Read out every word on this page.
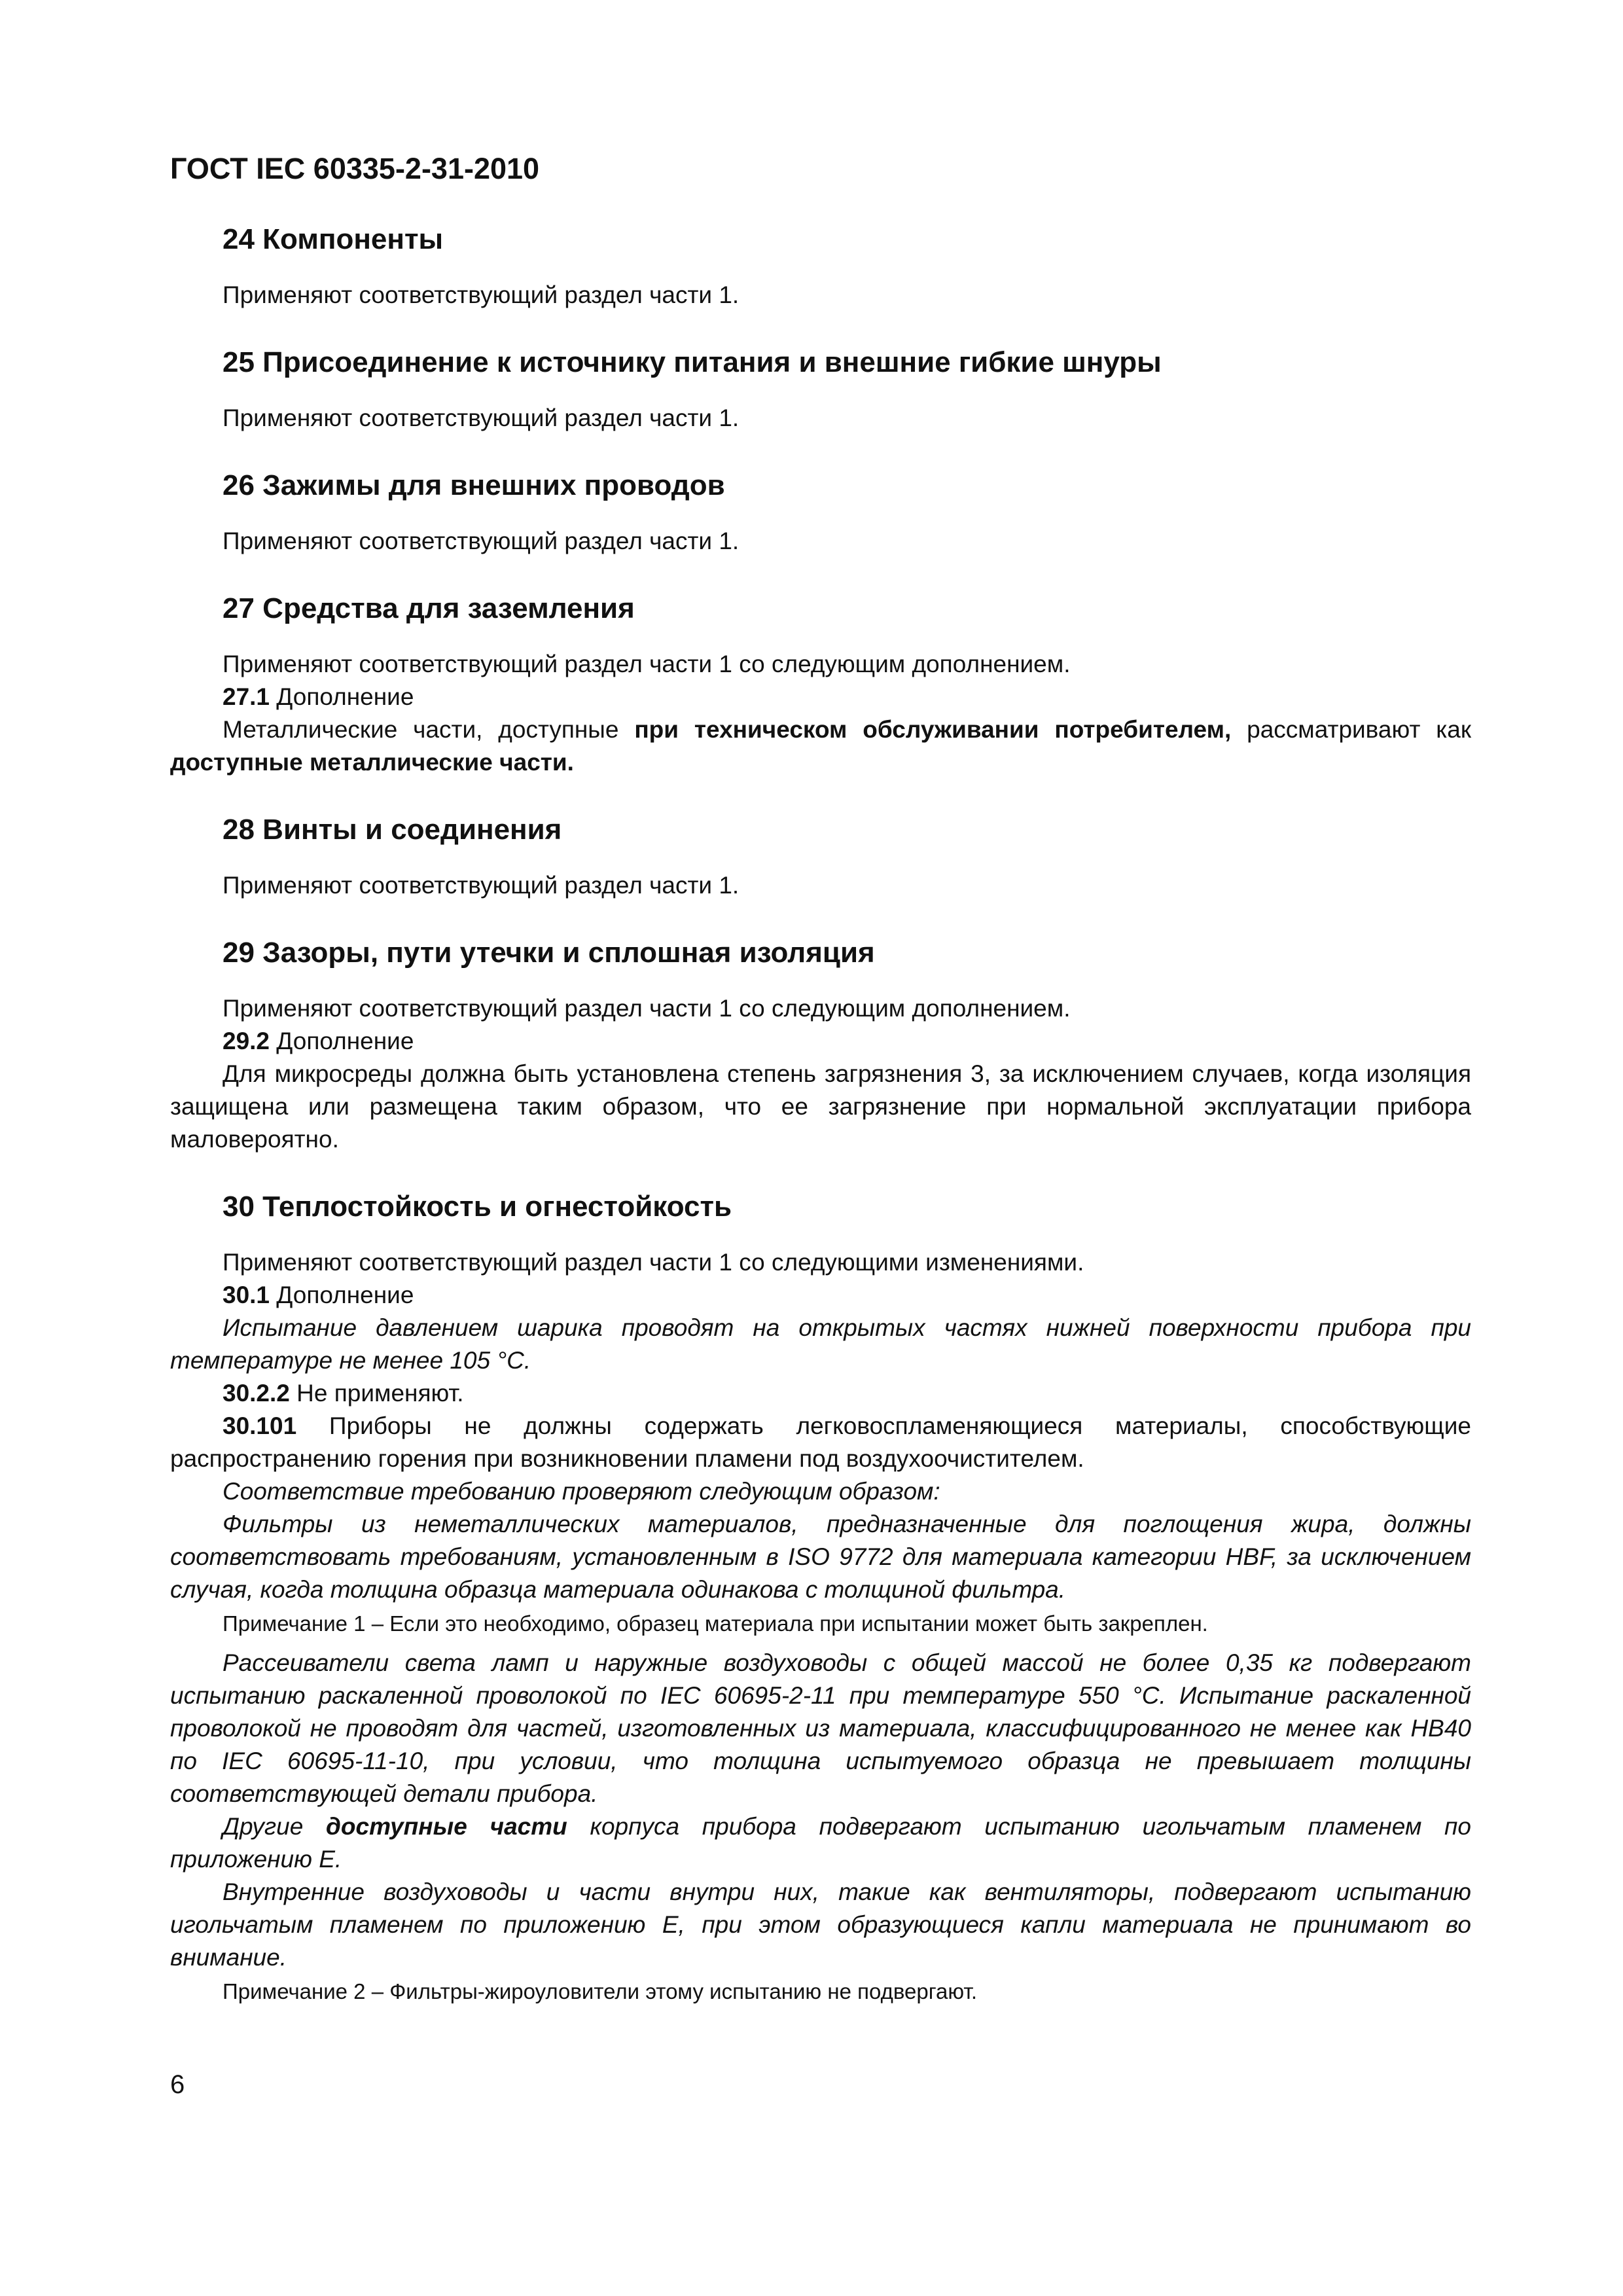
ГОСТ IEC 60335-2-31-2010
24 Компоненты

Применяют соответствующий раздел части 1.

25 Присоединение к источнику питания и внешние гибкие шнуры

Применяют соответствующий раздел части 1.

26 Зажимы для внешних проводов

Применяют соответствующий раздел части 1.

27 Средства для заземления

Применяют соответствующий раздел части 1 со следующим дополнением.

27.1 Дополнение

Металлические части, доступные при техническом обслуживании потребителем, рассматривают как доступные металлические части.

28 Винты и соединения

Применяют соответствующий раздел части 1.

29 Зазоры, пути утечки и сплошная изоляция

Применяют соответствующий раздел части 1 со следующим дополнением.

29.2 Дополнение

Для микросреды должна быть установлена степень загрязнения 3, за исключением случаев, когда изоляция защищена или размещена таким образом, что ее загрязнение при нормальной эксплуатации прибора маловероятно.

30 Теплостойкость и огнестойкость

Применяют соответствующий раздел части 1 со следующими изменениями.

30.1 Дополнение

Испытание давлением шарика проводят на открытых частях нижней поверхности прибора при температуре не менее 105 °С.

30.2.2 Не применяют.

30.101 Приборы не должны содержать легковоспламеняющиеся материалы, способствующие распространению горения при возникновении пламени под воздухоочистителем.

Соответствие требованию проверяют следующим образом:

Фильтры из неметаллических материалов, предназначенные для поглощения жира, должны соответствовать требованиям, установленным в ISO 9772 для материала категории HBF, за исключением случая, когда толщина образца материала одинакова с толщиной фильтра.

Примечание 1 – Если это необходимо, образец материала при испытании может быть закреплен.

Рассеиватели света ламп и наружные воздуховоды с общей массой не более 0,35 кг подвергают испытанию раскаленной проволокой по IEC 60695-2-11 при температуре 550 °С. Испытание раскаленной проволокой не проводят для частей, изготовленных из материала, классифицированного не менее как HB40 по IEC 60695-11-10, при условии, что толщина испытуемого образца не превышает толщины соответствующей детали прибора.

Другие доступные части корпуса прибора подвергают испытанию игольчатым пламенем по приложению Е.

Внутренние воздуховоды и части внутри них, такие как вентиляторы, подвергают испытанию игольчатым пламенем по приложению Е, при этом образующиеся капли материала не принимают во внимание.

Примечание 2 – Фильтры-жироуловители этому испытанию не подвергают.

6
